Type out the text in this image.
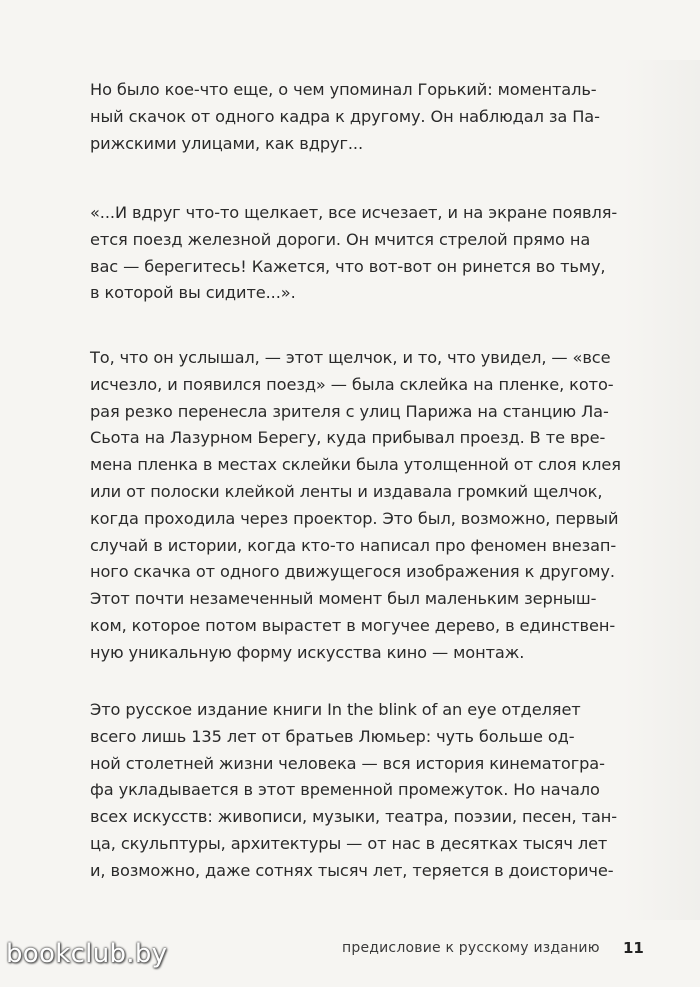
Но было кое-что еще, о чем упоминал Горький: моменталь-
ный скачок от одного кадра к другому. Он наблюдал за Па-
рижскими улицами, как вдруг...

«...И вдруг что-то щелкает, все исчезает, и на экране появля-
ется поезд железной дороги. Он мчится стрелой прямо на
вас — берегитесь! Кажется, что вот-вот он ринется во тьму,
в которой вы сидите...».

То, что он услышал, — этот щелчок, и то, что увидел, — «все
исчезло, и появился поезд» — была склейка на пленке, кото-
рая резко перенесла зрителя с улиц Парижа на станцию Ла-
Сьота на Лазурном Берегу, куда прибывал проезд. В те вре-
мена пленка в местах склейки была утолщенной от слоя клея
или от полоски клейкой ленты и издавала громкий щелчок,
когда проходила через проектор. Это был, возможно, первый
случай в истории, когда кто-то написал про феномен внезап-
ного скачка от одного движущегося изображения к другому.
Этот почти незамеченный момент был маленьким зерныш-
ком, которое потом вырастет в могучее дерево, в единствен-
ную уникальную форму искусства кино — монтаж.

Это русское издание книги In the blink of an eye отделяет
всего лишь 135 лет от братьев Люмьер: чуть больше од-
ной столетней жизни человека — вся история кинематогра-
фа укладывается в этот временной промежуток. Но начало
всех искусств: живописи, музыки, театра, поэзии, песен, тан-
ца, скульптуры, архитектуры — от нас в десятках тысяч лет
и, возможно, даже сотнях тысяч лет, теряется в доисториче-

bookclub.by	предисловие к русскому изданию 11
